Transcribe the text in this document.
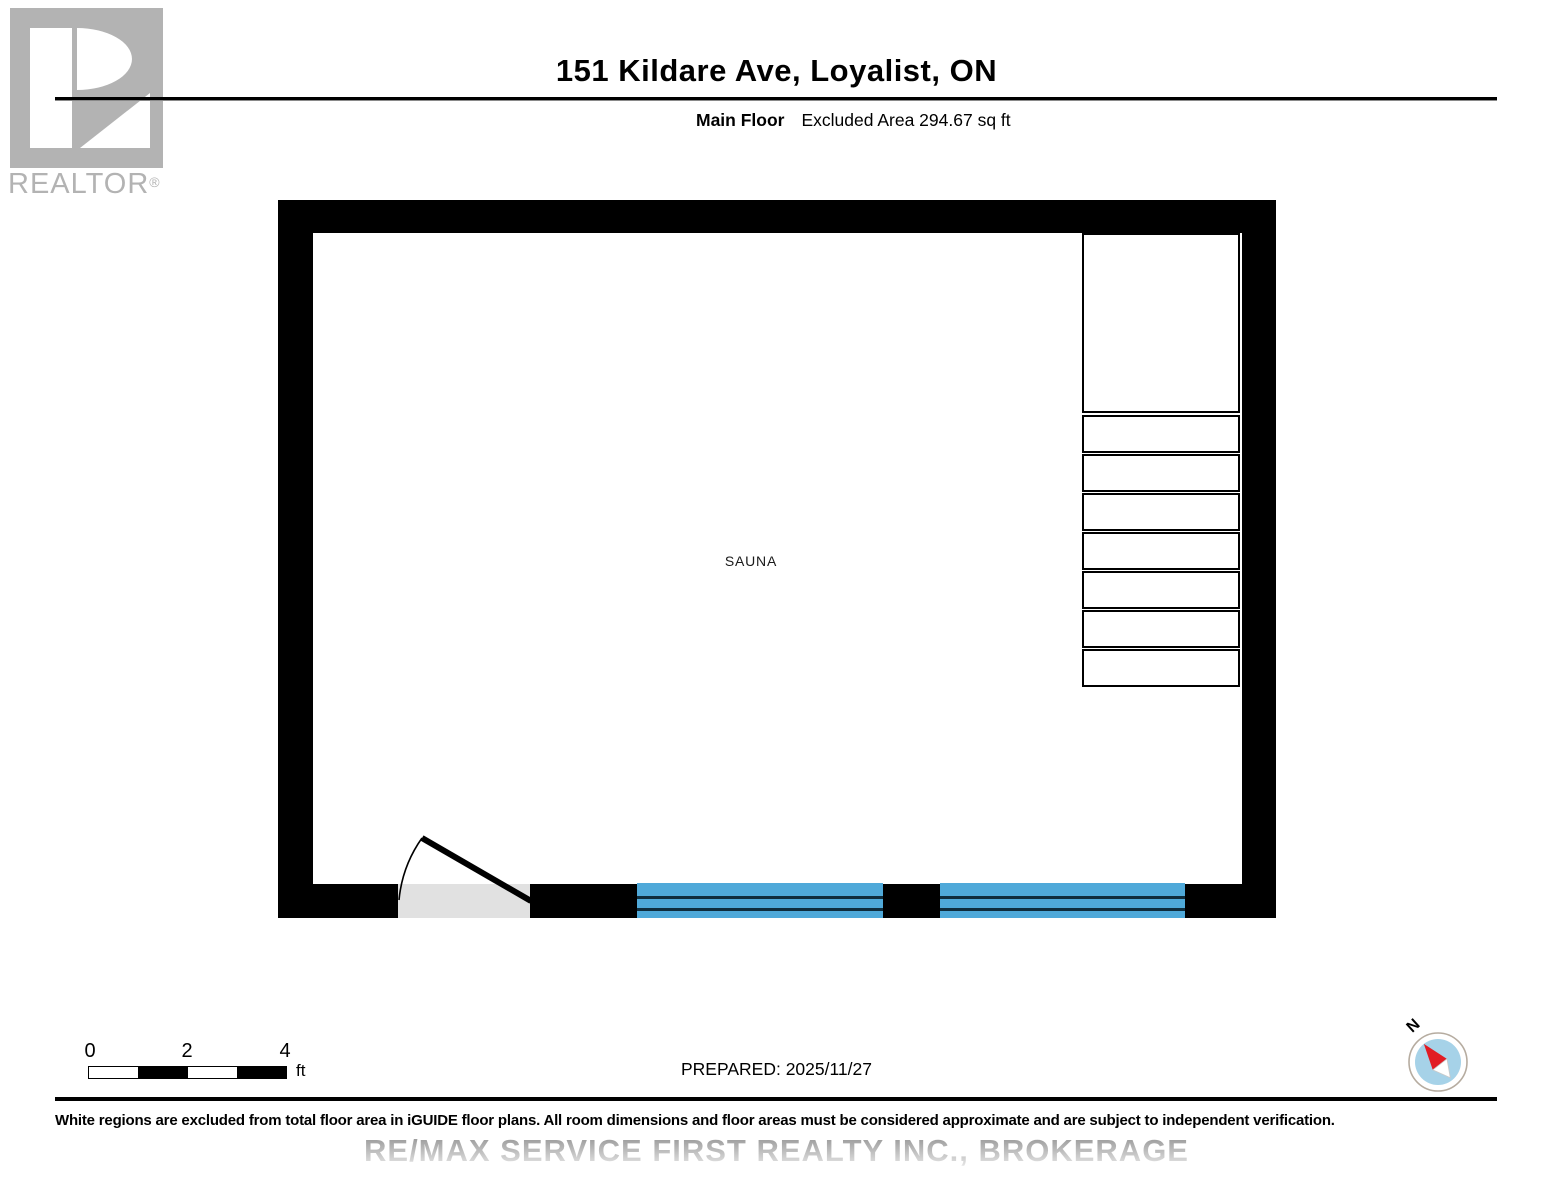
REALTOR®
151 Kildare Ave, Loyalist, ON
Main Floor Excluded Area 294.67 sq ft
SAUNA
0	2	4
ft	PREPARED: 2025/11/27
N
White regions are excluded from total floor area in iGUIDE floor plans. All room dimensions and floor areas must be considered approximate and are subject to independent verification.
RE/MAX SERVICE FIRST REALTY INC., BROKERAGE
